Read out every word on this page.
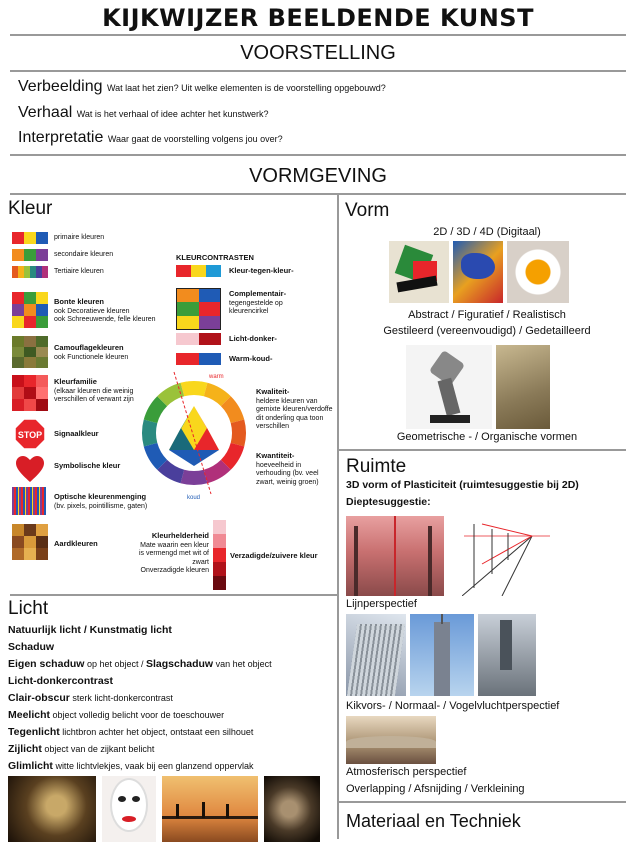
KIJKWIJZER BEELDENDE KUNST
VOORSTELLING
Verbeelding Wat laat het zien? Uit welke elementen is de voorstelling opgebouwd?
Verhaal Wat is het verhaal of idee achter het kunstwerk?
Interpretatie Waar gaat de voorstelling volgens jou over?
VORMGEVING
Kleur
primaire kleuren
secondaire kleuren
Tertiaire kleuren
Bonte kleuren
ook Decoratieve kleuren
ook Schreeuwende, felle kleuren
Camouflagekleuren
ook Functionele kleuren
Kleurfamilie
(elkaar kleuren die weinig
verschillen of verwant zijn
STOP Signaalkleur
Symbolische kleur
Optische kleurenmenging
(bv. pixels, pointillisme, gaten)
Aardkleuren
KLEURCONTRASTEN
Kleur-tegen-kleur-
Complementair-
tegengestelde op
kleurencirkel
Licht-donker-
Warm-koud-
warm
koud
Kwaliteit-
heldere kleuren van
gemixte kleuren/verdoffe
dit onderling qua toon
verschillen
Kwantiteit-
hoeveelheid in
verhouding (bv. veel
zwart, weinig groen)
Kleurhelderheid
Mate waarin een kleur
is vermengd met wit of
zwart
Onverzadigde kleuren
Verzadigde/zuivere kleur
Vorm
2D / 3D / 4D (Digitaal)
Abstract / Figuratief / Realistisch
Gestileerd (vereenvoudigd) / Gedetailleerd
Geometrische - / Organische vormen
Ruimte
3D vorm of Plasticiteit (ruimtesuggestie bij 2D)
Dieptesuggestie:
Lijnperspectief
Kikvors- / Normaal- / Vogelvluchtperspectief
Atmosferisch perspectief
Overlapping / Afsnijding / Verkleining
Materiaal en Techniek
Licht
Natuurlijk licht / Kunstmatig licht
Schaduw
Eigen schaduw op het object / Slagschaduw van het object
Licht-donkercontrast
Clair-obscur sterk licht-donkercontrast
Meelicht object volledig belicht voor de toeschouwer
Tegenlicht lichtbron achter het object, ontstaat een silhouet
Zijlicht object van de zijkant belicht
Glimlicht witte lichtvlekjes, vaak bij een glanzend oppervlak
